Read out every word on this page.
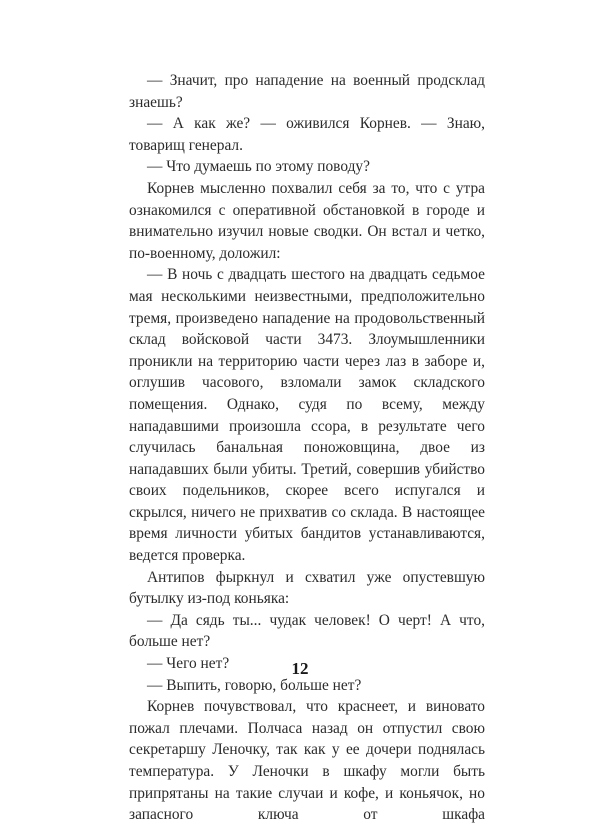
— Значит, про нападение на военный продсклад знаешь?

— А как же? — оживился Корнев. — Знаю, товарищ генерал.

— Что думаешь по этому поводу?

Корнев мысленно похвалил себя за то, что с утра ознакомился с оперативной обстановкой в городе и внимательно изучил новые сводки. Он встал и четко, по-военному, доложил:

— В ночь с двадцать шестого на двадцать седьмое мая несколькими неизвестными, предположительно тремя, произведено нападение на продовольственный склад войсковой части 3473. Злоумышленники проникли на территорию части через лаз в заборе и, оглушив часового, взломали замок складского помещения. Однако, судя по всему, между нападавшими произошла ссора, в результате чего случилась банальная поножовщина, двое из нападавших были убиты. Третий, совершив убийство своих подельников, скорее всего испугался и скрылся, ничего не прихватив со склада. В настоящее время личности убитых бандитов устанавливаются, ведется проверка.

Антипов фыркнул и схватил уже опустевшую бутылку из-под коньяка:

— Да сядь ты... чудак человек! О черт! А что, больше нет?

— Чего нет?

— Выпить, говорю, больше нет?

Корнев почувствовал, что краснеет, и виновато пожал плечами. Полчаса назад он отпустил свою секретаршу Леночку, так как у ее дочери поднялась температура. У Леночки в шкафу могли быть припрятаны на такие случаи и кофе, и коньячок, но запасного ключа от шкафа

12
